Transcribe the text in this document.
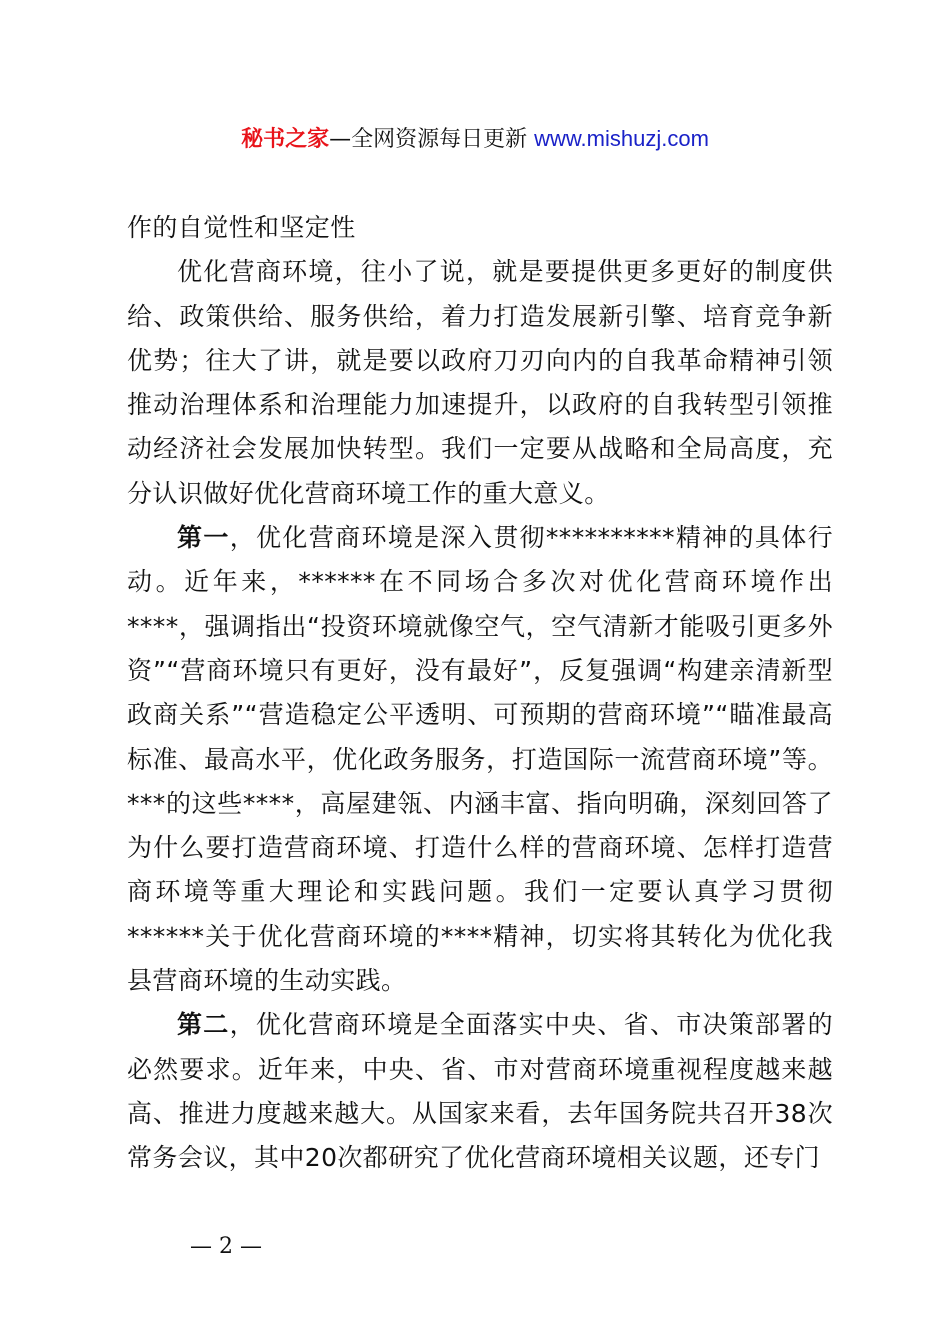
秘书之家—全网资源每日更新 www.mishuzj.com

作的自觉性和坚定性

优化营商环境，往小了说，就是要提供更多更好的制度供给、政策供给、服务供给，着力打造发展新引擎、培育竞争新优势；往大了讲，就是要以政府刀刃向内的自我革命精神引领推动治理体系和治理能力加速提升，以政府的自我转型引领推动经济社会发展加快转型。我们一定要从战略和全局高度，充分认识做好优化营商环境工作的重大意义。

第一，优化营商环境是深入贯彻**********精神的具体行动。近年来，******在不同场合多次对优化营商环境作出****，强调指出“投资环境就像空气，空气清新才能吸引更多外资”“营商环境只有更好，没有最好”，反复强调“构建亲清新型政商关系”“营造稳定公平透明、可预期的营商环境”“瞄准最高标准、最高水平，优化政务服务，打造国际一流营商环境”等。***的这些****，高屋建瓴、内涵丰富、指向明确，深刻回答了为什么要打造营商环境、打造什么样的营商环境、怎样打造营商环境等重大理论和实践问题。我们一定要认真学习贯彻******关于优化营商环境的****精神，切实将其转化为优化我县营商环境的生动实践。

第二，优化营商环境是全面落实中央、省、市决策部署的必然要求。近年来，中央、省、市对营商环境重视程度越来越高、推进力度越来越大。从国家来看，去年国务院共召开38次常务会议，其中20次都研究了优化营商环境相关议题，还专门

— 2 —
